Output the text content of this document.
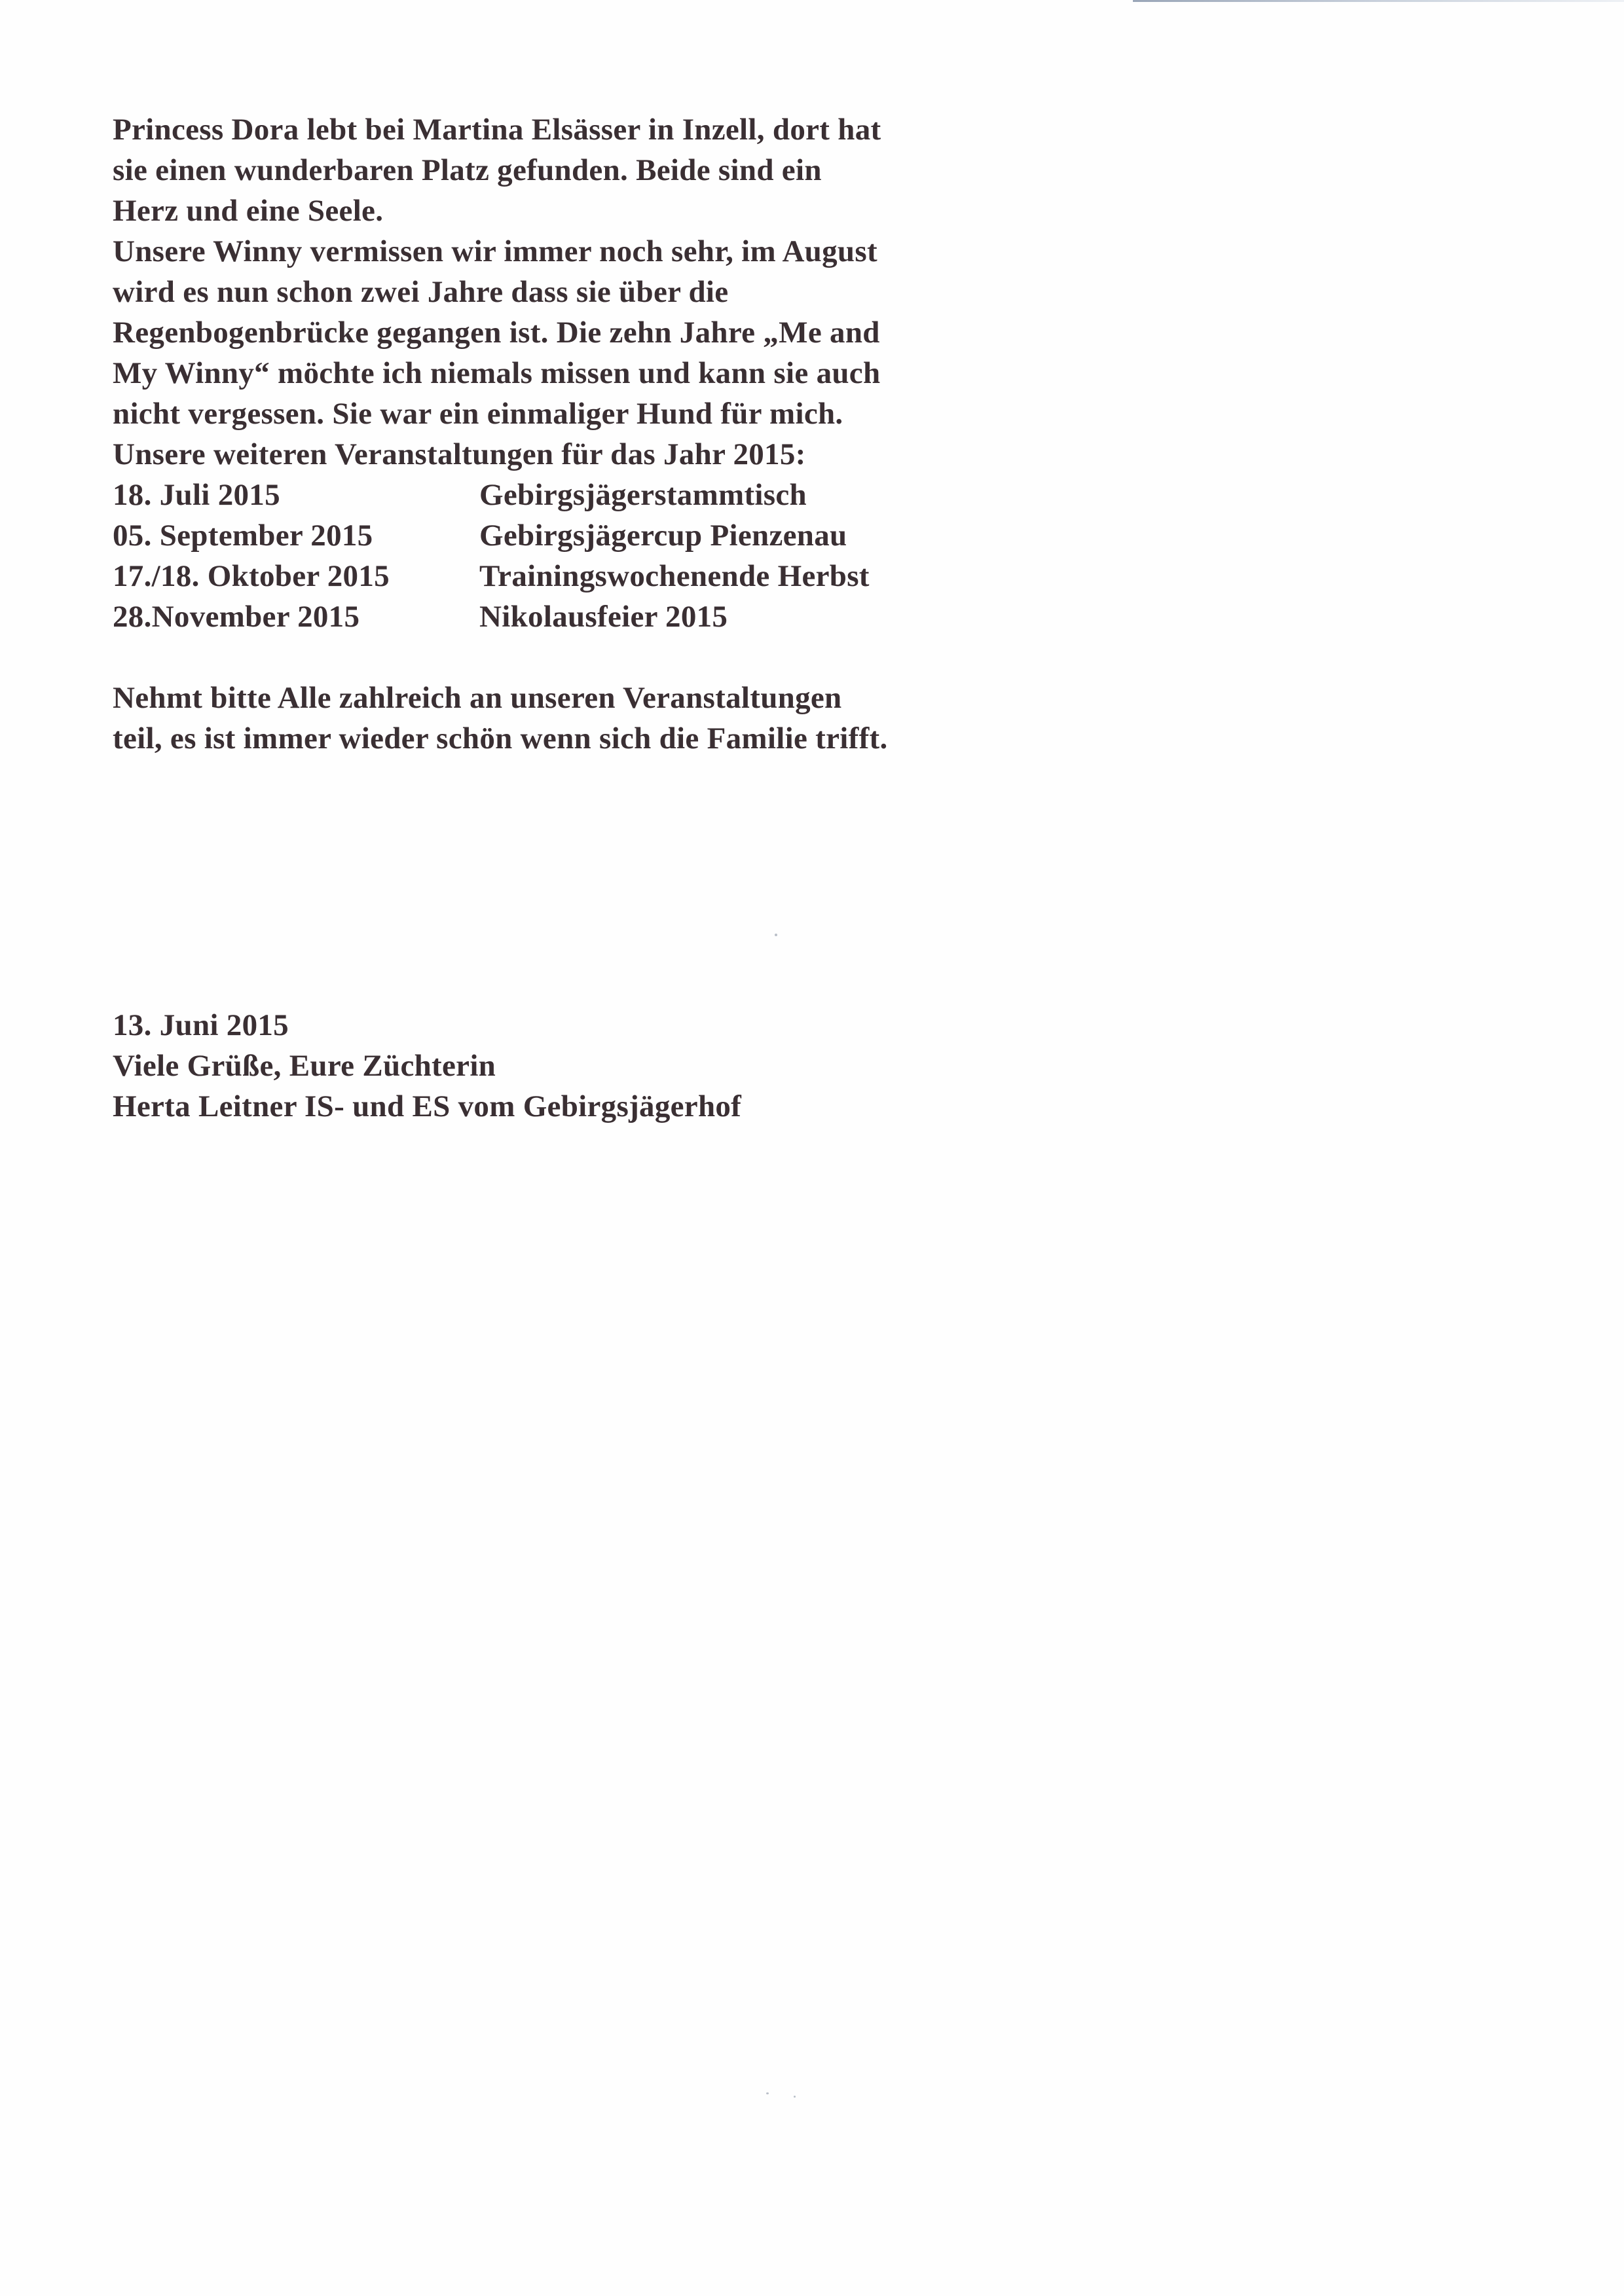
Princess Dora lebt bei Martina Elsässer in Inzell, dort hat
sie einen wunderbaren Platz gefunden. Beide sind ein
Herz und eine Seele.

Unsere Winny vermissen wir immer noch sehr, im August
wird es nun schon zwei Jahre dass sie über die
Regenbogenbrücke gegangen ist. Die zehn Jahre „Me and
My Winny“ möchte ich niemals missen und kann sie auch
nicht vergessen. Sie war ein einmaliger Hund für mich.

Unsere weiteren Veranstaltungen für das Jahr 2015:

18. Juli 2015	Gebirgsjägerstammtisch
05. September 2015	Gebirgsjägercup Pienzenau
17./18. Oktober 2015	Trainingswochenende Herbst
28.November 2015	Nikolausfeier 2015

Nehmt bitte Alle zahlreich an unseren Veranstaltungen
teil, es ist immer wieder schön wenn sich die Familie trifft.

13. Juni 2015
Viele Grüße, Eure Züchterin
Herta Leitner IS- und ES vom Gebirgsjägerhof
